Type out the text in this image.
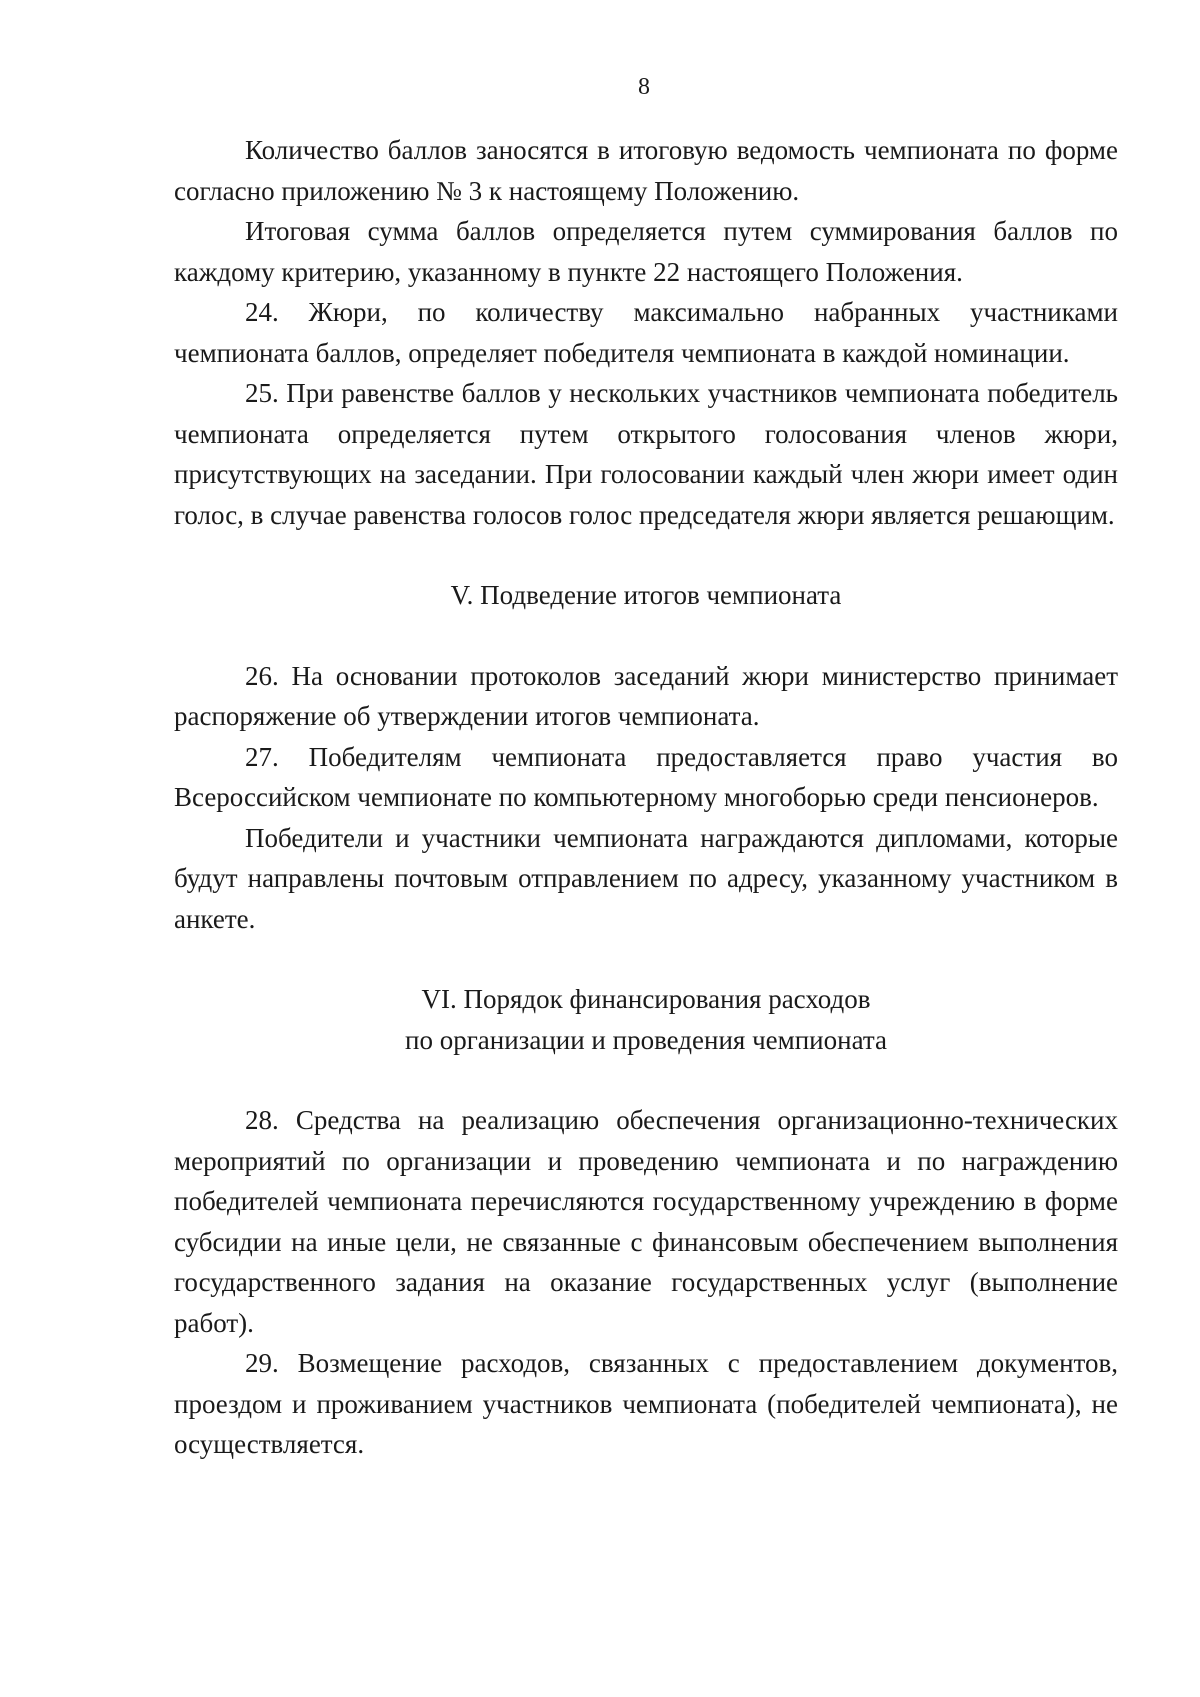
8

Количество баллов заносятся в итоговую ведомость чемпионата по форме согласно приложению № 3 к настоящему Положению.

Итоговая сумма баллов определяется путем суммирования баллов по каждому критерию, указанному в пункте 22 настоящего Положения.

24. Жюри, по количеству максимально набранных участниками чемпионата баллов, определяет победителя чемпионата в каждой номинации.

25. При равенстве баллов у нескольких участников чемпионата победитель чемпионата определяется путем открытого голосования членов жюри, присутствующих на заседании. При голосовании каждый член жюри имеет один голос, в случае равенства голосов голос председателя жюри является решающим.

V. Подведение итогов чемпионата

26. На основании протоколов заседаний жюри министерство принимает распоряжение об утверждении итогов чемпионата.

27. Победителям чемпионата предоставляется право участия во Всероссийском чемпионате по компьютерному многоборью среди пенсионеров.

Победители и участники чемпионата награждаются дипломами, которые будут направлены почтовым отправлением по адресу, указанному участником в анкете.

VI. Порядок финансирования расходов
по организации и проведения чемпионата

28. Средства на реализацию обеспечения организационно-технических мероприятий по организации и проведению чемпионата и по награждению победителей чемпионата перечисляются государственному учреждению в форме субсидии на иные цели, не связанные с финансовым обеспечением выполнения государственного задания на оказание государственных услуг (выполнение работ).

29. Возмещение расходов, связанных с предоставлением документов, проездом и проживанием участников чемпионата (победителей чемпионата), не осуществляется.
